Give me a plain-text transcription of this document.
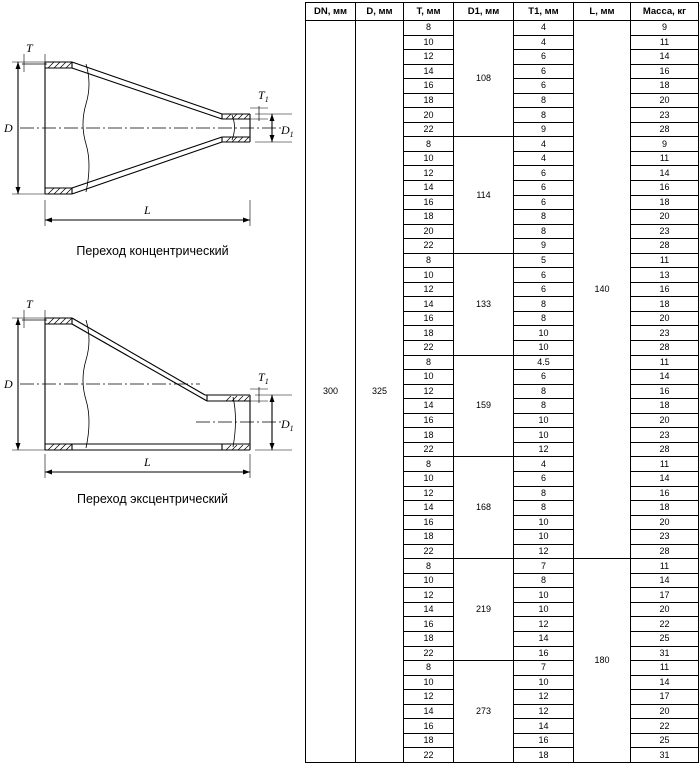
T
$T_1$
D	$D_1$
L
Переход концентрический
T
$T_1$
D
$D_1$
L
Переход эксцентрический
DN, мм	D, мм	T, мм	D1, мм	T1, мм	L, мм	Масса, кг
300	325	8	108	4	140	9
		10		4		11
		12		6		14
		14		6		16
		16		6		18
		18		8		20
		20		8		23
		22		9		28
		8	114	4		9
		10		4		11
		12		6		14
		14		6		16
		16		6		18
		18		8		20
		20		8		23
		22		9		28
		8	133	5		11
		10		6		13
		12		6		16
		14		8		18
		16		8		20
		18		10		23
		22		10		28
		8	159	4.5		11
		10		6		14
		12		8		16
		14		8		18
		16		10		20
		18		10		23
		22		12		28
		8	168	4		11
		10		6		14
		12		8		16
		14		8		18
		16		10		20
		18		10		23
		22		12		28
		8	219	7	180	11
		10		8		14
		12		10		17
		14		10		20
		16		12		22
		18		14		25
		22		16		31
		8	273	7		11
		10		10		14
		12		12		17
		14		12		20
		16		14		22
		18		16		25
		22		18		31
